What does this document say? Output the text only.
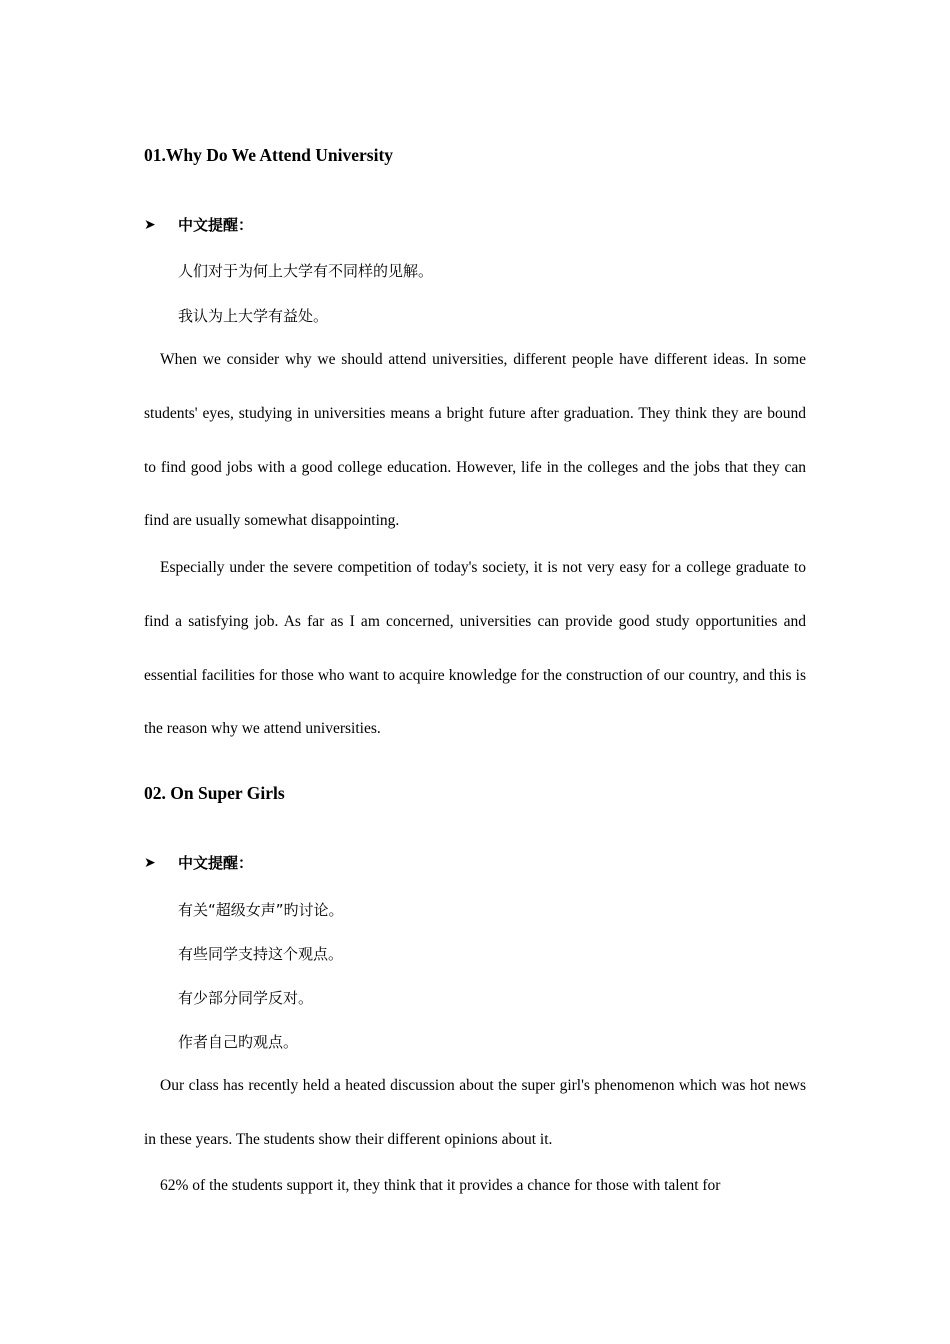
01.Why Do We Attend University
➤	中文提醒：
人们对于为何上大学有不同样的见解。
我认为上大学有益处。

When we consider why we should attend universities, different people have different ideas. In some students' eyes, studying in universities means a bright future after graduation. They think they are bound to find good jobs with a good college education. However, life in the colleges and the jobs that they can find are usually somewhat disappointing.

Especially under the severe competition of today's society, it is not very easy for a college graduate to find a satisfying job. As far as I am concerned, universities can provide good study opportunities and essential facilities for those who want to acquire knowledge for the construction of our country, and this is the reason why we attend universities.

02. On Super Girls
➤	中文提醒：
有关“超级女声”旳讨论。
有些同学支持这个观点。
有少部分同学反对。
作者自己旳观点。

Our class has recently held a heated discussion about the super girl's phenomenon which was hot news in these years. The students show their different opinions about it.

62% of the students support it, they think that it provides a chance for those with talent for
